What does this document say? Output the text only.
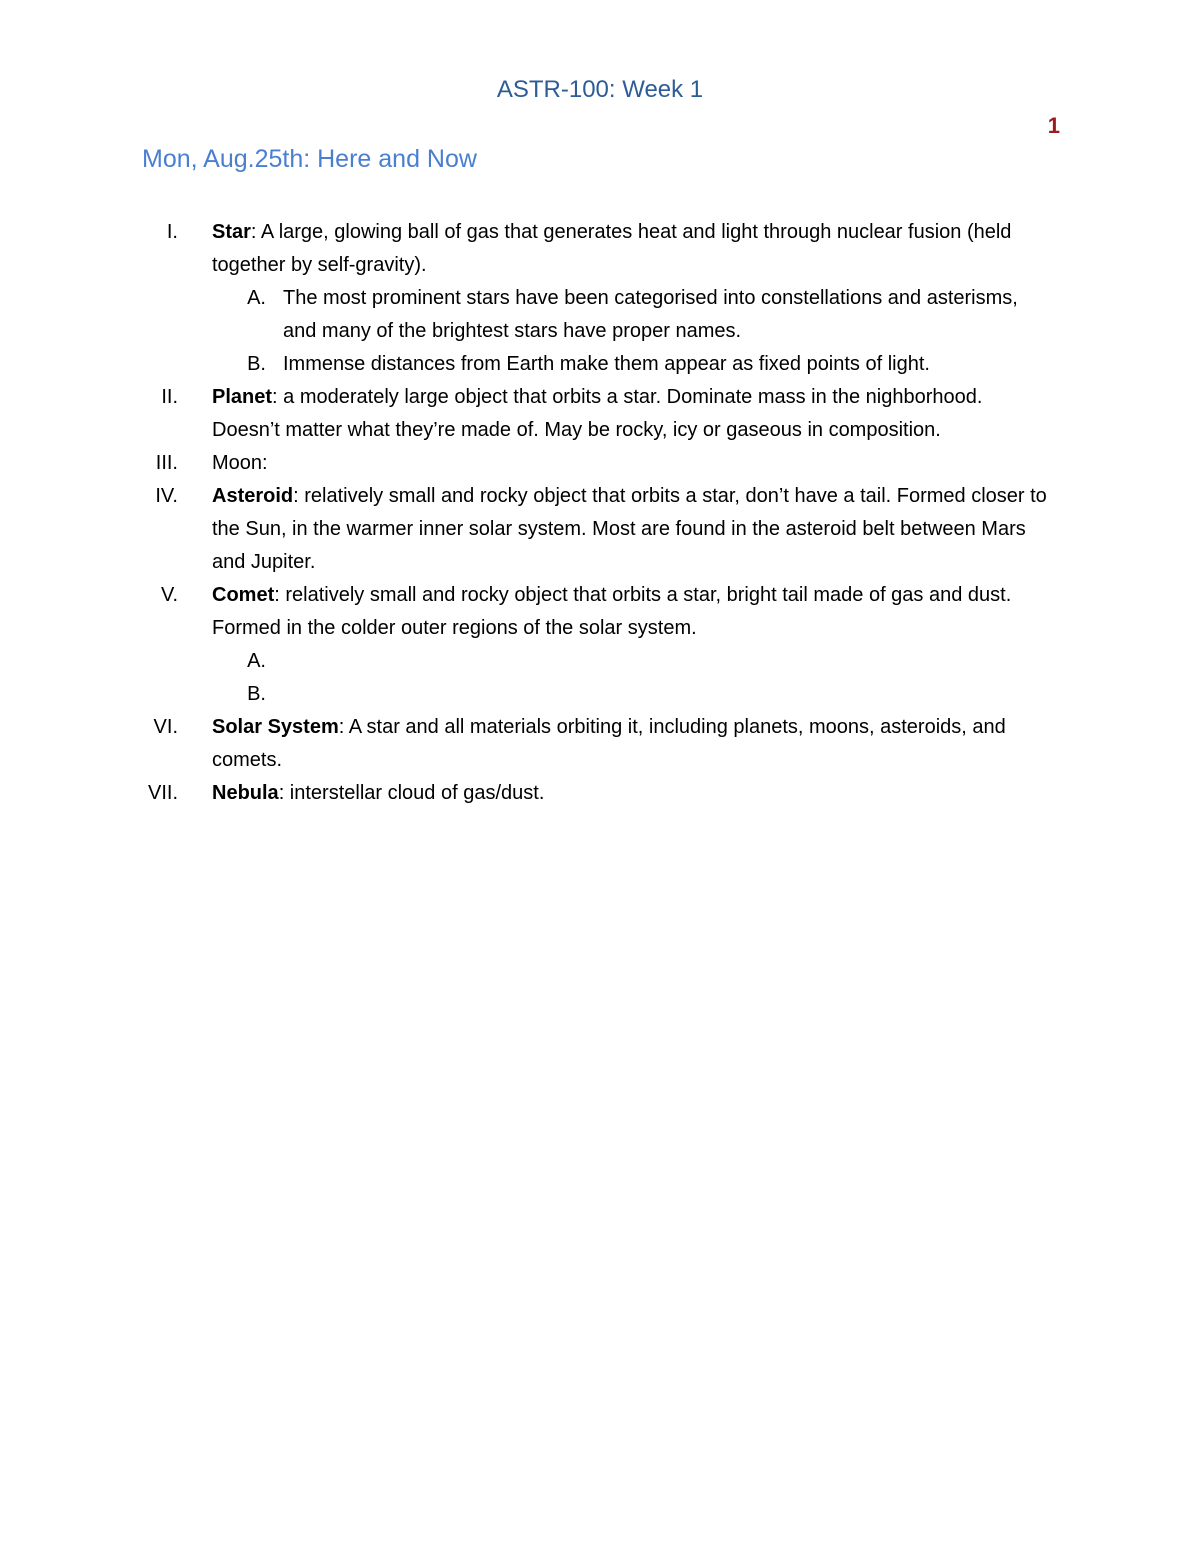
ASTR-100: Week 1
1
Mon, Aug.25th: Here and Now
I. Star: A large, glowing ball of gas that generates heat and light through nuclear fusion (held together by self-gravity).
A. The most prominent stars have been categorised into constellations and asterisms, and many of the brightest stars have proper names.
B. Immense distances from Earth make them appear as fixed points of light.
II. Planet: a moderately large object that orbits a star. Dominate mass in the nighborhood. Doesn’t matter what they’re made of. May be rocky, icy or gaseous in composition.
III. Moon:
IV. Asteroid: relatively small and rocky object that orbits a star, don’t have a tail. Formed closer to the Sun, in the warmer inner solar system. Most are found in the asteroid belt between Mars and Jupiter.
V. Comet: relatively small and rocky object that orbits a star, bright tail made of gas and dust. Formed in the colder outer regions of the solar system.
A.
B.
VI. Solar System: A star and all materials orbiting it, including planets, moons, asteroids, and comets.
VII. Nebula: interstellar cloud of gas/dust.
